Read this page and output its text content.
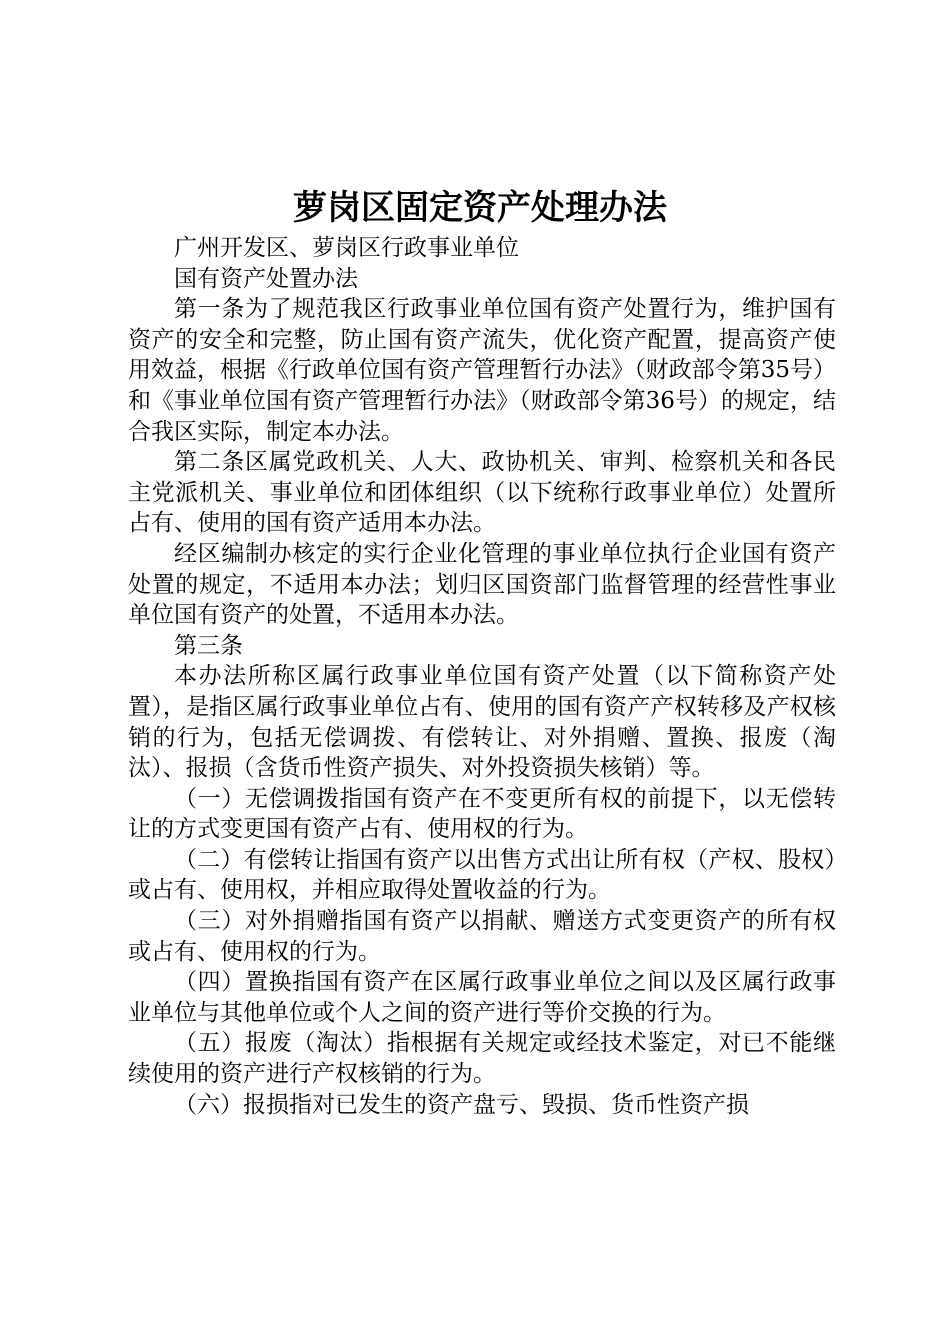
萝岗区固定资产处理办法

广州开发区、萝岗区行政事业单位

国有资产处置办法

第一条为了规范我区行政事业单位国有资产处置行为，维护国有资产的安全和完整，防止国有资产流失，优化资产配置，提高资产使用效益，根据《行政单位国有资产管理暂行办法》（财政部令第35号）和《事业单位国有资产管理暂行办法》（财政部令第36号）的规定，结合我区实际，制定本办法。

第二条区属党政机关、人大、政协机关、审判、检察机关和各民主党派机关、事业单位和团体组织（以下统称行政事业单位）处置所占有、使用的国有资产适用本办法。

经区编制办核定的实行企业化管理的事业单位执行企业国有资产处置的规定，不适用本办法；划归区国资部门监督管理的经营性事业单位国有资产的处置，不适用本办法。

第三条

本办法所称区属行政事业单位国有资产处置（以下简称资产处置），是指区属行政事业单位占有、使用的国有资产产权转移及产权核销的行为，包括无偿调拨、有偿转让、对外捐赠、置换、报废（淘汰）、报损（含货币性资产损失、对外投资损失核销）等。

（一）无偿调拨指国有资产在不变更所有权的前提下，以无偿转让的方式变更国有资产占有、使用权的行为。

（二）有偿转让指国有资产以出售方式出让所有权（产权、股权）或占有、使用权，并相应取得处置收益的行为。

（三）对外捐赠指国有资产以捐献、赠送方式变更资产的所有权或占有、使用权的行为。

（四）置换指国有资产在区属行政事业单位之间以及区属行政事业单位与其他单位或个人之间的资产进行等价交换的行为。

（五）报废（淘汰）指根据有关规定或经技术鉴定，对已不能继续使用的资产进行产权核销的行为。

（六）报损指对已发生的资产盘亏、毁损、货币性资产损
